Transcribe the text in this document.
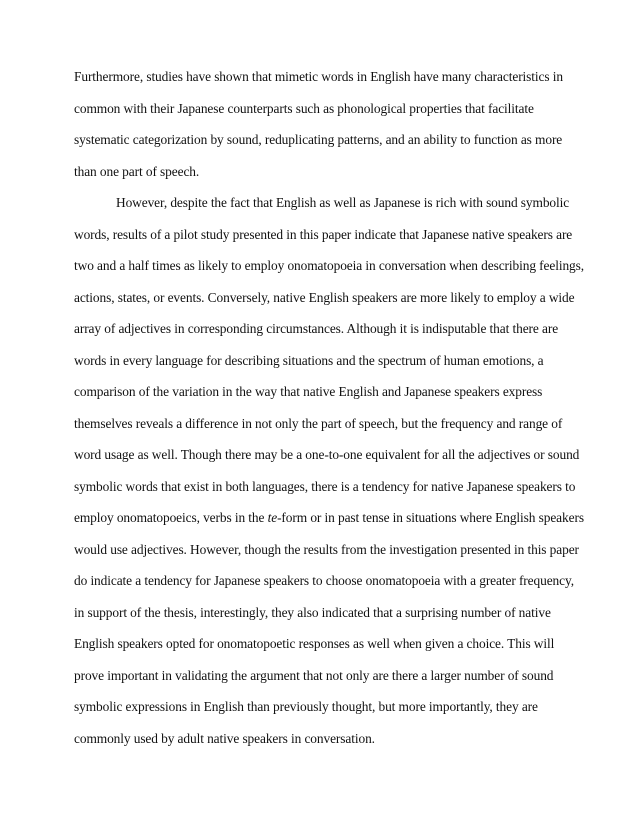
Furthermore, studies have shown that mimetic words in English have many characteristics in
common with their Japanese counterparts such as phonological properties that facilitate
systematic categorization by sound, reduplicating patterns, and an ability to function as more
than one part of speech.
However, despite the fact that English as well as Japanese is rich with sound symbolic
words, results of a pilot study presented in this paper indicate that Japanese native speakers are
two and a half times as likely to employ onomatopoeia in conversation when describing feelings,
actions, states, or events. Conversely, native English speakers are more likely to employ a wide
array of adjectives in corresponding circumstances. Although it is indisputable that there are
words in every language for describing situations and the spectrum of human emotions, a
comparison of the variation in the way that native English and Japanese speakers express
themselves reveals a difference in not only the part of speech, but the frequency and range of
word usage as well. Though there may be a one-to-one equivalent for all the adjectives or sound
symbolic words that exist in both languages, there is a tendency for native Japanese speakers to
employ onomatopoeics, verbs in the te-form or in past tense in situations where English speakers
would use adjectives. However, though the results from the investigation presented in this paper
do indicate a tendency for Japanese speakers to choose onomatopoeia with a greater frequency,
in support of the thesis, interestingly, they also indicated that a surprising number of native
English speakers opted for onomatopoetic responses as well when given a choice. This will
prove important in validating the argument that not only are there a larger number of sound
symbolic expressions in English than previously thought, but more importantly, they are
commonly used by adult native speakers in conversation.
